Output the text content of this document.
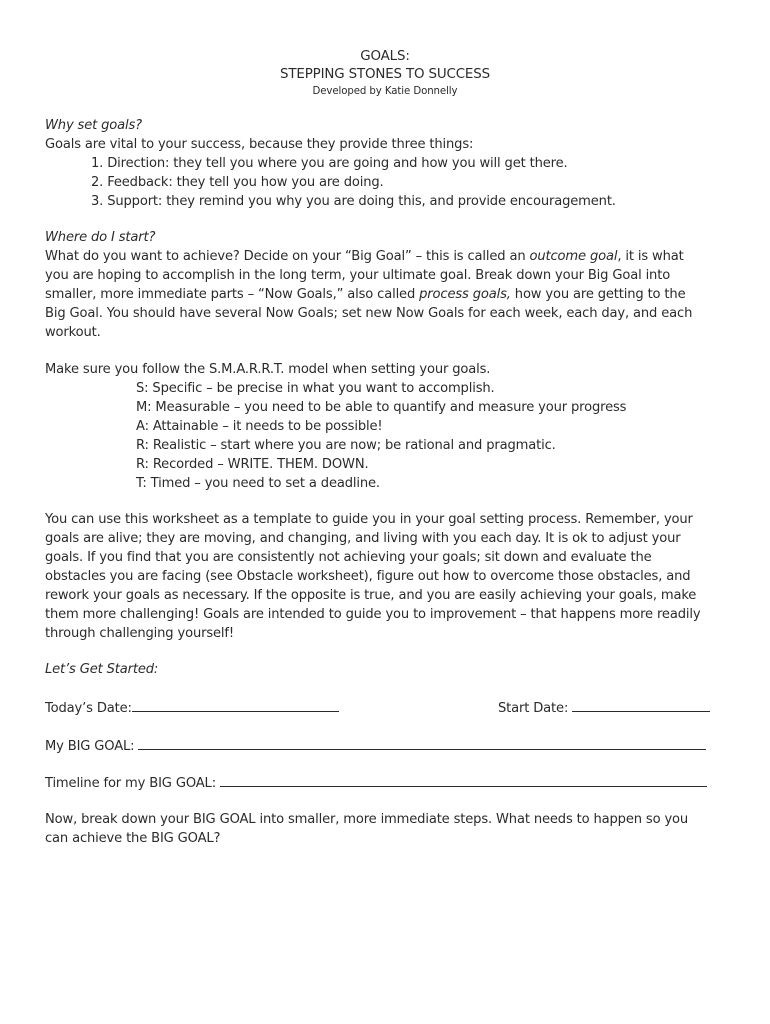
GOALS:
STEPPING STONES TO SUCCESS
Developed by Katie Donnelly
Why set goals?
Goals are vital to your success, because they provide three things:
1. Direction: they tell you where you are going and how you will get there.
2. Feedback: they tell you how you are doing.
3. Support: they remind you why you are doing this, and provide encouragement.
Where do I start?
What do you want to achieve? Decide on your “Big Goal” – this is called an outcome goal, it is what
you are hoping to accomplish in the long term, your ultimate goal. Break down your Big Goal into
smaller, more immediate parts – “Now Goals,” also called process goals, how you are getting to the
Big Goal. You should have several Now Goals; set new Now Goals for each week, each day, and each
workout.
Make sure you follow the S.M.A.R.R.T. model when setting your goals.
S: Specific – be precise in what you want to accomplish.
M: Measurable – you need to be able to quantify and measure your progress
A: Attainable – it needs to be possible!
R: Realistic – start where you are now; be rational and pragmatic.
R: Recorded – WRITE. THEM. DOWN.
T: Timed – you need to set a deadline.
You can use this worksheet as a template to guide you in your goal setting process. Remember, your
goals are alive; they are moving, and changing, and living with you each day. It is ok to adjust your
goals. If you find that you are consistently not achieving your goals; sit down and evaluate the
obstacles you are facing (see Obstacle worksheet), figure out how to overcome those obstacles, and
rework your goals as necessary. If the opposite is true, and you are easily achieving your goals, make
them more challenging! Goals are intended to guide you to improvement – that happens more readily
through challenging yourself!
Let’s Get Started:
Today’s Date:	Start Date:
My BIG GOAL:
Timeline for my BIG GOAL:
Now, break down your BIG GOAL into smaller, more immediate steps. What needs to happen so you
can achieve the BIG GOAL?
